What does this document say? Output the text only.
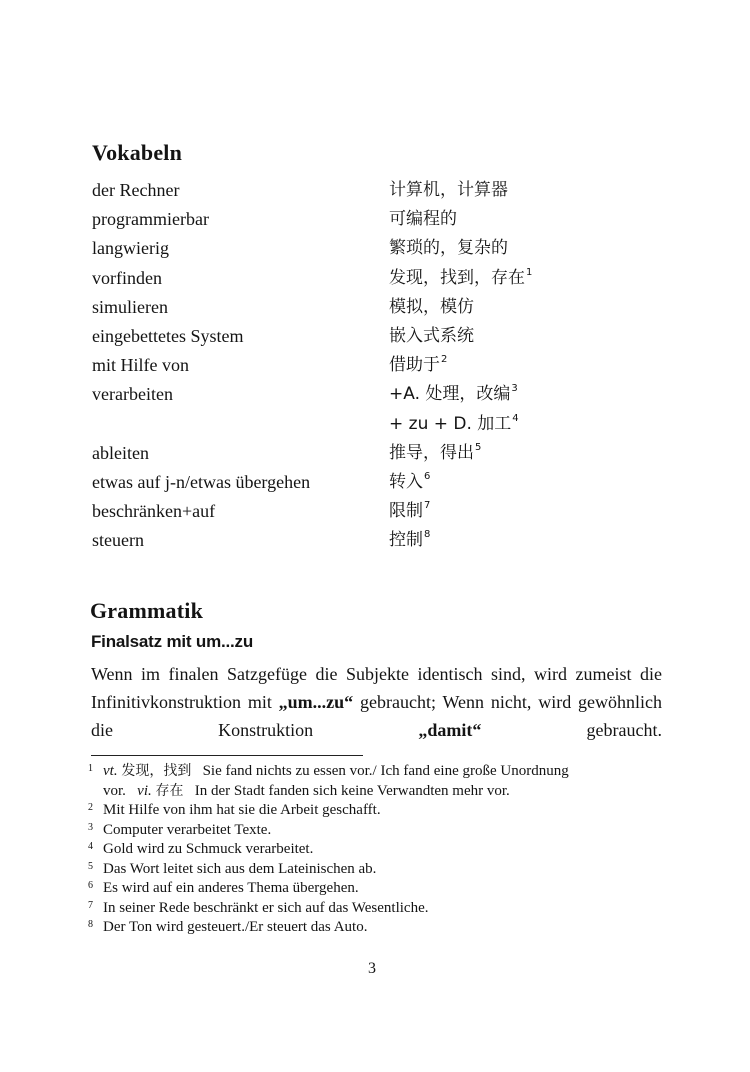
Vokabeln
der Rechner	计算机，计算器
programmierbar	可编程的
langwierig	繁琐的，复杂的
vorfinden	发现，找到，存在$^1$
simulieren	模拟，模仿
eingebettetes System	嵌入式系统
mit Hilfe von	借助于$^2$
verarbeiten	+A. 处理，改编$^3$
+ zu + D. 加工$^4$
ableiten	推导，得出$^5$
etwas auf j-n/etwas übergehen	转入$^6$
beschränken+auf	限制$^7$
steuern	控制$^8$
Grammatik
Finalsatz mit um...zu
Wenn im finalen Satzgefüge die Subjekte identisch sind, wird zumeist die Infinitivkonstruktion mit „um...zu“ gebraucht; Wenn nicht, wird gewöhnlich die Konstruktion „damit“ gebraucht.
1 vt. 发现，找到 Sie fand nichts zu essen vor./ Ich fand eine große Unordnung
vor. vi. 存在 In der Stadt fanden sich keine Verwandten mehr vor.
2 Mit Hilfe von ihm hat sie die Arbeit geschafft.
3 Computer verarbeitet Texte.
4 Gold wird zu Schmuck verarbeitet.
5 Das Wort leitet sich aus dem Lateinischen ab.
6 Es wird auf ein anderes Thema übergehen.
7 In seiner Rede beschränkt er sich auf das Wesentliche.
8 Der Ton wird gesteuert./Er steuert das Auto.
3
